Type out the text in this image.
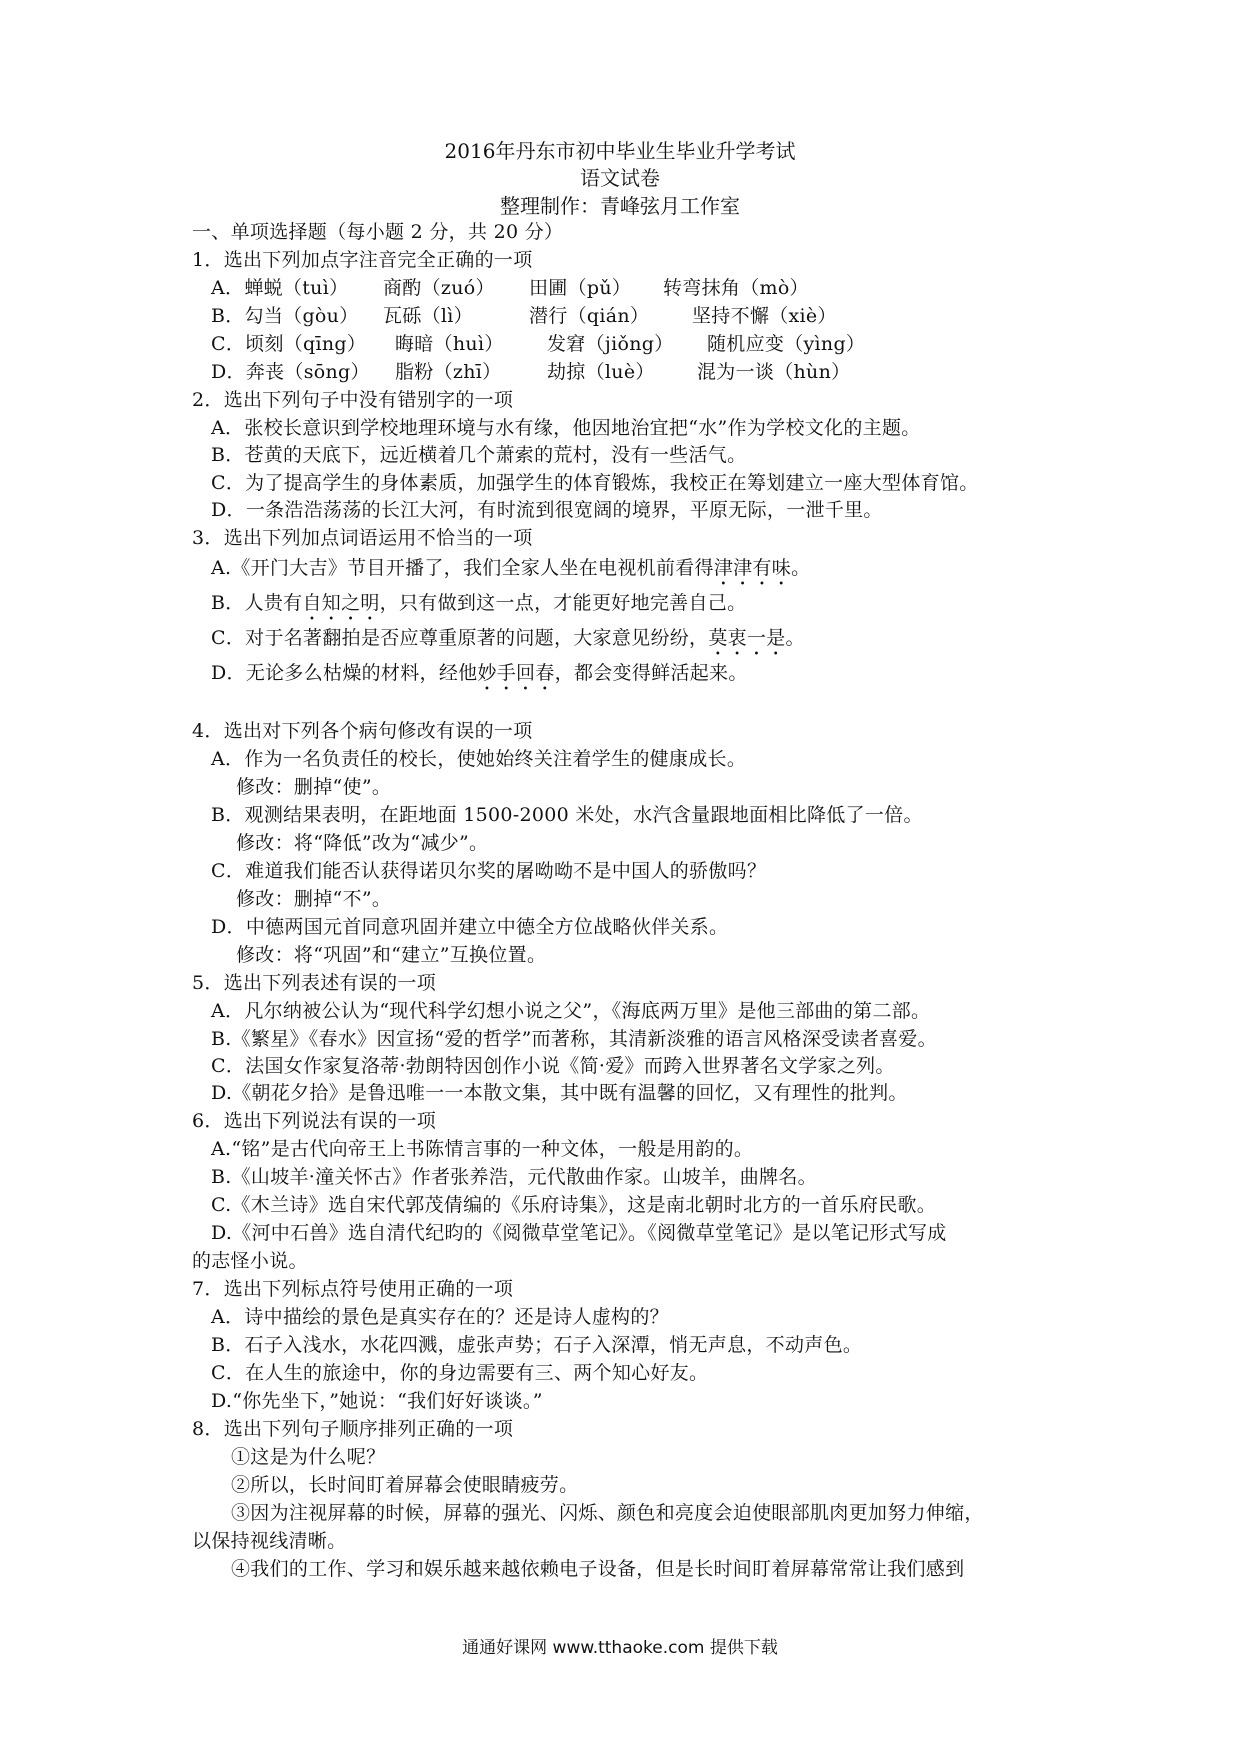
2016年丹东市初中毕业生毕业升学考试
语文试卷
整理制作：青峰弦月工作室
一、单项选择题（每小题 2 分，共 20 分）
1．选出下列加点字注音完全正确的一项
A．蝉蜕（tuì） 商酌（zuó） 田圃（pǔ） 转弯抹角（mò）
B．勾当（gòu） 瓦砾（lì）	潜行（qián） 坚持不懈（xiè）
C．顷刻（qīng） 晦暗（huì） 发窘（jiǒng） 随机应变（yìng）
D．奔丧（sōng） 脂粉（zhī） 劫掠（luè） 混为一谈（hùn）
2．选出下列句子中没有错别字的一项
A．张校长意识到学校地理环境与水有缘，他因地治宜把“水”作为学校文化的主题。
B．苍黄的天底下，远近横着几个萧索的荒村，没有一些活气。
C．为了提高学生的身体素质，加强学生的体育锻炼，我校正在筹划建立一座大型体育馆。
D．一条浩浩荡荡的长江大河，有时流到很宽阔的境界，平原无际，一泄千里。
3．选出下列加点词语运用不恰当的一项
A.《开门大吉》节目开播了，我们全家人坐在电视机前看得津津有味。
B．人贵有自知之明，只有做到这一点，才能更好地完善自己。
C．对于名著翻拍是否应尊重原著的问题，大家意见纷纷，莫衷一是。
D．无论多么枯燥的材料，经他妙手回春，都会变得鲜活起来。
4．选出对下列各个病句修改有误的一项
A．作为一名负责任的校长，使她始终关注着学生的健康成长。
修改：删掉“使”。
B．观测结果表明，在距地面 1500-2000 米处，水汽含量跟地面相比降低了一倍。
修改：将“降低”改为“减少”。
C．难道我们能否认获得诺贝尔奖的屠呦呦不是中国人的骄傲吗？
修改：删掉“不”。
D．中德两国元首同意巩固并建立中德全方位战略伙伴关系。
修改：将“巩固”和“建立”互换位置。
5．选出下列表述有误的一项
A．凡尔纳被公认为“现代科学幻想小说之父”，《海底两万里》是他三部曲的第二部。
B.《繁星》《春水》因宣扬“爱的哲学”而著称，其清新淡雅的语言风格深受读者喜爱。
C．法国女作家复洛蒂·勃朗特因创作小说《简·爱》而跨入世界著名文学家之列。
D.《朝花夕拾》是鲁迅唯一一本散文集，其中既有温馨的回忆，又有理性的批判。
6．选出下列说法有误的一项
A.“铭”是古代向帝王上书陈情言事的一种文体，一般是用韵的。
B.《山坡羊·潼关怀古》作者张养浩，元代散曲作家。山坡羊，曲牌名。
C.《木兰诗》选自宋代郭茂倩编的《乐府诗集》，这是南北朝时北方的一首乐府民歌。
D.《河中石兽》选自清代纪昀的《阅微草堂笔记》。《阅微草堂笔记》是以笔记形式写成
的志怪小说。
7．选出下列标点符号使用正确的一项
A．诗中描绘的景色是真实存在的？还是诗人虚构的？
B．石子入浅水，水花四溅，虚张声势；石子入深潭，悄无声息，不动声色。
C．在人生的旅途中，你的身边需要有三、两个知心好友。
D.“你先坐下，”她说：“我们好好谈谈。”
8．选出下列句子顺序排列正确的一项
①这是为什么呢？
②所以，长时间盯着屏幕会使眼睛疲劳。
③因为注视屏幕的时候，屏幕的强光、闪烁、颜色和亮度会迫使眼部肌肉更加努力伸缩，
以保持视线清晰。
④我们的工作、学习和娱乐越来越依赖电子设备，但是长时间盯着屏幕常常让我们感到
通通好课网 www.tthaoke.com 提供下载
